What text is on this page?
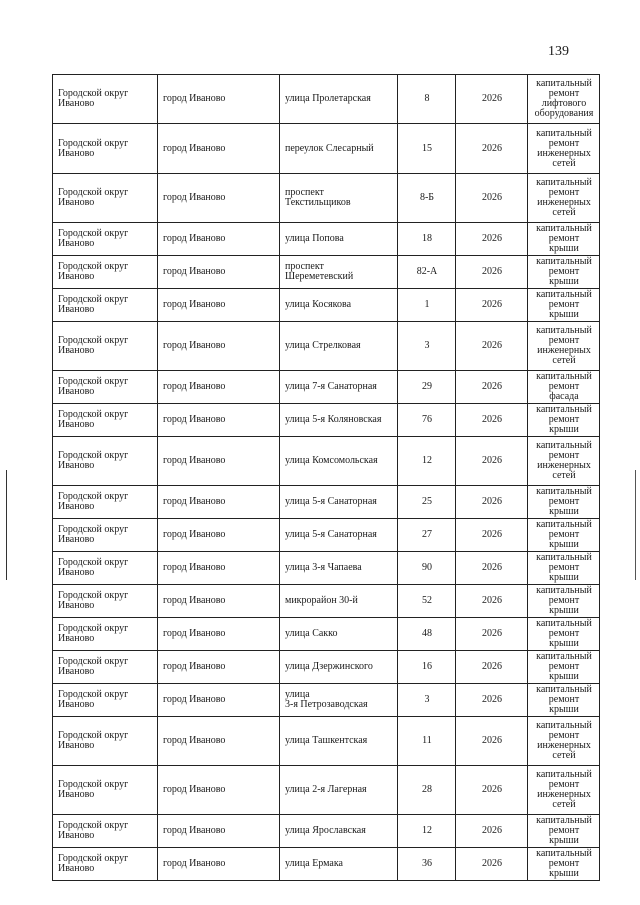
139
Городской округ
Иваново	город Иваново	улица Пролетарская	8	2026	капитальный ремонт лифтового оборудования
Городской округ
Иваново	город Иваново	переулок Слесарный	15	2026	капитальный ремонт инженерных сетей
Городской округ
Иваново	город Иваново	проспект
Текстильщиков	8-Б	2026	капитальный ремонт инженерных сетей
Городской округ
Иваново	город Иваново	улица Попова	18	2026	капитальный ремонт крыши
Городской округ
Иваново	город Иваново	проспект
Шереметевский	82-А	2026	капитальный ремонт крыши
Городской округ
Иваново	город Иваново	улица Косякова	1	2026	капитальный ремонт крыши
Городской округ
Иваново	город Иваново	улица Стрелковая	3	2026	капитальный ремонт инженерных сетей
Городской округ
Иваново	город Иваново	улица 7-я Санаторная	29	2026	капитальный ремонт фасада
Городской округ
Иваново	город Иваново	улица 5-я Коляновская	76	2026	капитальный ремонт крыши
Городской округ
Иваново	город Иваново	улица Комсомольская	12	2026	капитальный ремонт инженерных сетей
Городской округ
Иваново	город Иваново	улица 5-я Санаторная	25	2026	капитальный ремонт крыши
Городской округ
Иваново	город Иваново	улица 5-я Санаторная	27	2026	капитальный ремонт крыши
Городской округ
Иваново	город Иваново	улица 3-я Чапаева	90	2026	капитальный ремонт крыши
Городской округ
Иваново	город Иваново	микрорайон 30-й	52	2026	капитальный ремонт крыши
Городской округ
Иваново	город Иваново	улица Сакко	48	2026	капитальный ремонт крыши
Городской округ
Иваново	город Иваново	улица Дзержинского	16	2026	капитальный ремонт крыши
Городской округ
Иваново	город Иваново	улица
3-я Петрозаводская	3	2026	капитальный ремонт крыши
Городской округ
Иваново	город Иваново	улица Ташкентская	11	2026	капитальный ремонт инженерных сетей
Городской округ
Иваново	город Иваново	улица 2-я Лагерная	28	2026	капитальный ремонт инженерных сетей
Городской округ
Иваново	город Иваново	улица Ярославская	12	2026	капитальный ремонт крыши
Городской округ
Иваново	город Иваново	улица Ермака	36	2026	капитальный ремонт крыши
